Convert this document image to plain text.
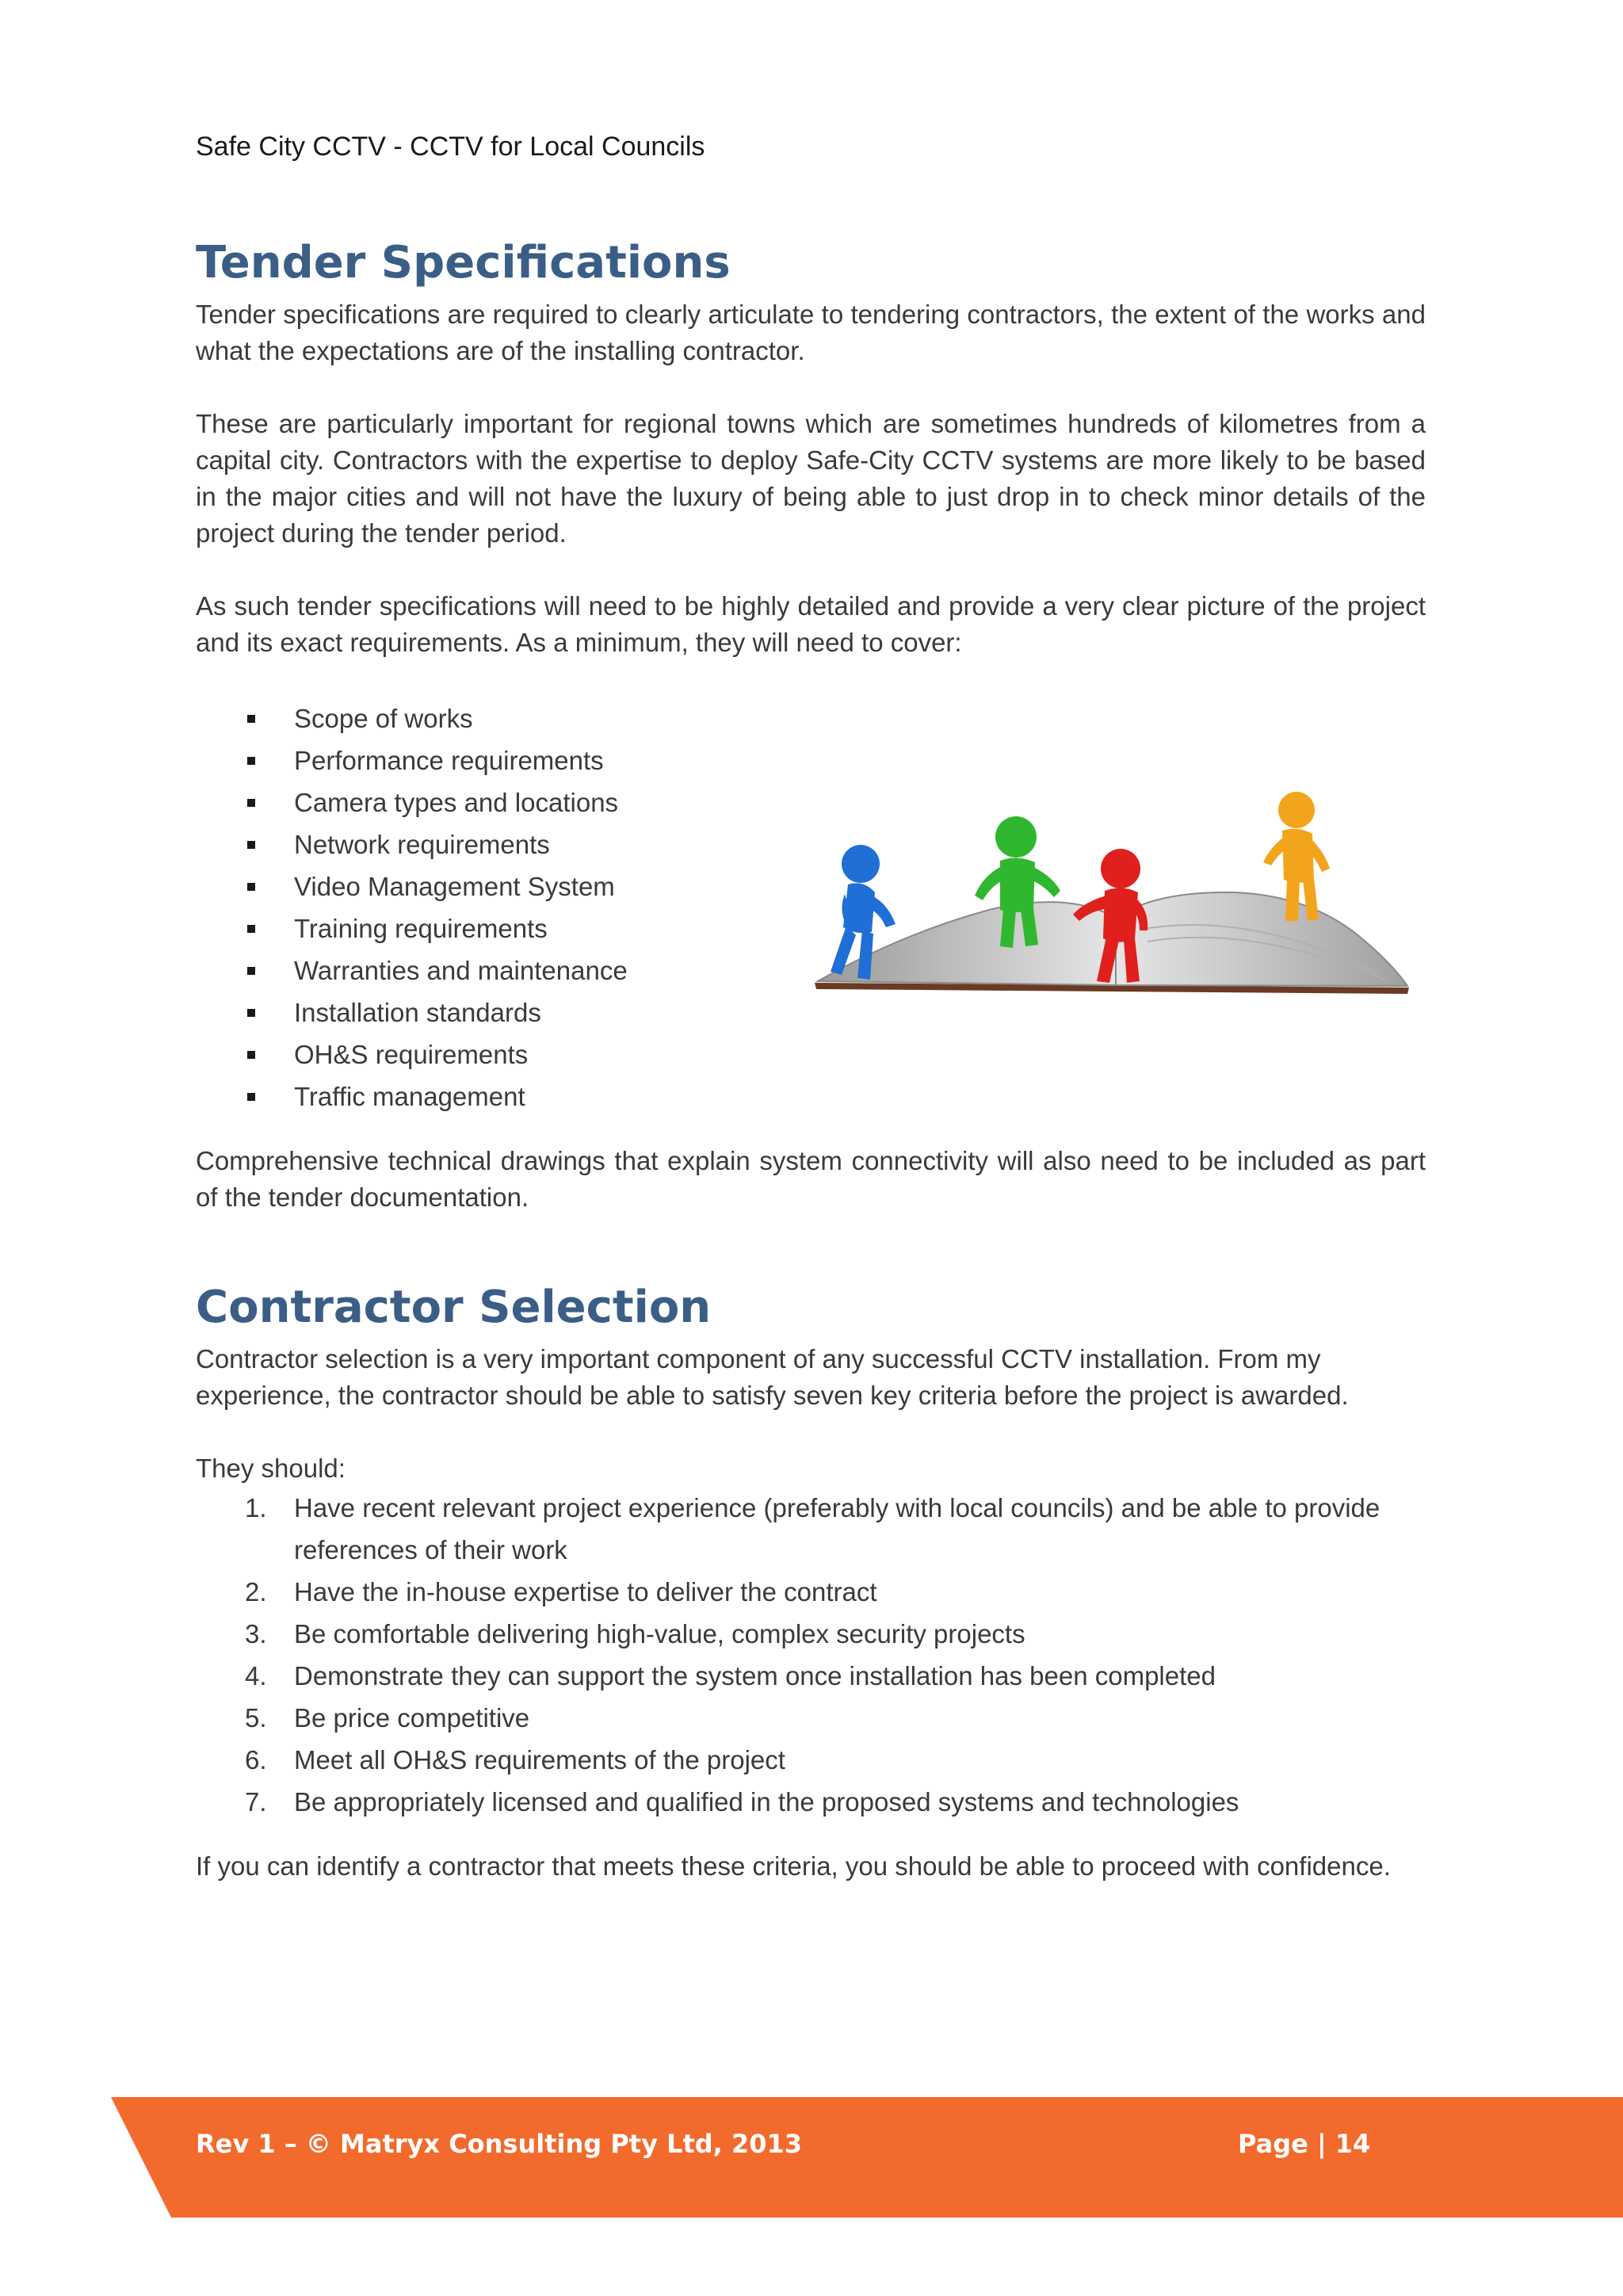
Safe City CCTV - CCTV for Local Councils
Tender Specifications

Tender specifications are required to clearly articulate to tendering contractors, the extent of the works and what the expectations are of the installing contractor.

These are particularly important for regional towns which are sometimes hundreds of kilometres from a capital city. Contractors with the expertise to deploy Safe-City CCTV systems are more likely to be based in the major cities and will not have the luxury of being able to just drop in to check minor details of the project during the tender period.

As such tender specifications will need to be highly detailed and provide a very clear picture of the project and its exact requirements. As a minimum, they will need to cover:

Scope of works
Performance requirements
Camera types and locations
Network requirements
Video Management System
Training requirements
Warranties and maintenance
Installation standards
OH&S requirements
Traffic management

Comprehensive technical drawings that explain system connectivity will also need to be included as part of the tender documentation.

Contractor Selection

Contractor selection is a very important component of any successful CCTV installation. From my experience, the contractor should be able to satisfy seven key criteria before the project is awarded.

They should:

1.	Have recent relevant project experience (preferably with local councils) and be able to provide references of their work
2.	Have the in-house expertise to deliver the contract
3.	Be comfortable delivering high-value, complex security projects
4.	Demonstrate they can support the system once installation has been completed
5.	Be price competitive
6.	Meet all OH&S requirements of the project
7.	Be appropriately licensed and qualified in the proposed systems and technologies

If you can identify a contractor that meets these criteria, you should be able to proceed with confidence.

Rev 1 – © Matryx Consulting Pty Ltd, 2013	Page | 14
